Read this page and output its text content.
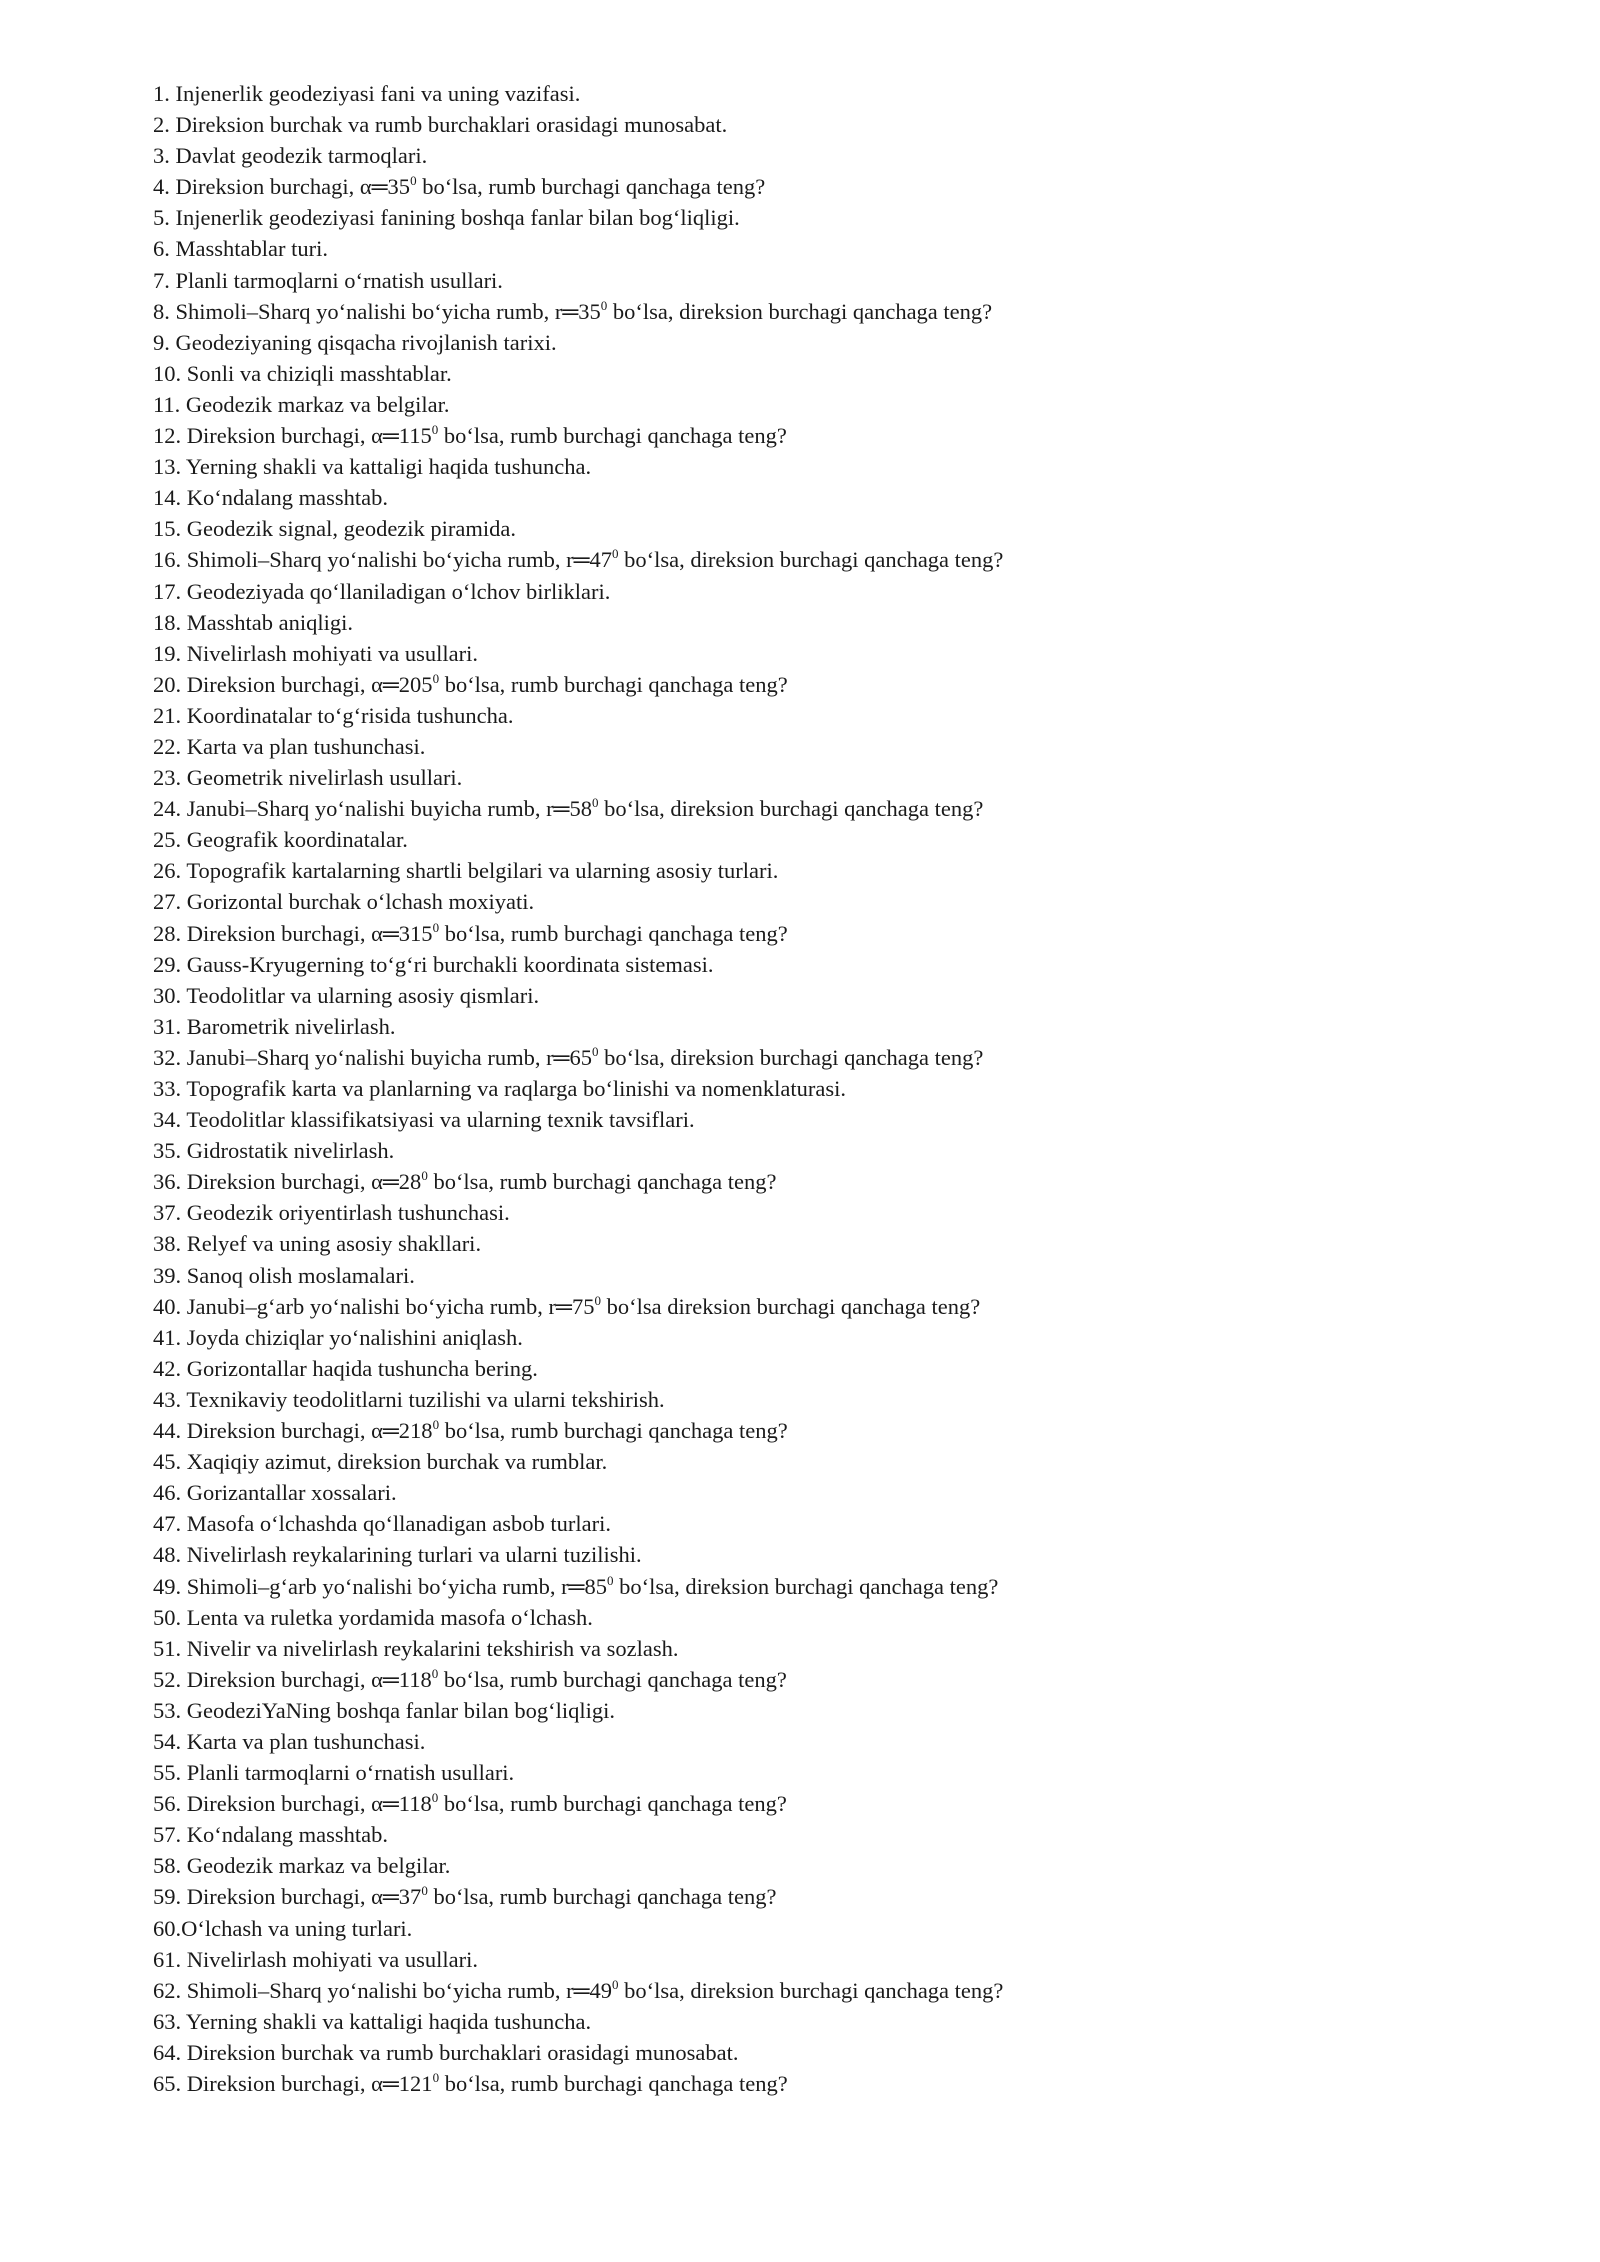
1. Injenerlik geodeziyasi fani va uning vazifasi.
2. Direksion burchak va rumb burchaklari orasidagi munosabat.
3. Davlat geodezik tarmoqlari.
4. Direksion burchagi, $\alpha═35^0$ bo‘lsa, rumb burchagi qanchaga teng?
5. Injenerlik geodeziyasi fanining boshqa fanlar bilan bog‘liqligi.
6. Masshtablar turi.
7. Planli tarmoqlarni o‘rnatish usullari.
8. Shimoli–Sharq yo‘nalishi bo‘yicha rumb, $r═35^0$ bo‘lsa, direksion burchagi qanchaga teng?
9. Geodeziyaning qisqacha rivojlanish tarixi.
10. Sonli va chiziqli masshtablar.
11. Geodezik markaz va belgilar.
12. Direksion burchagi, $\alpha═115^0$ bo‘lsa, rumb burchagi qanchaga teng?
13. Yerning shakli va kattaligi haqida tushuncha.
14. Ko‘ndalang masshtab.
15. Geodezik signal, geodezik piramida.
16. Shimoli–Sharq yo‘nalishi bo‘yicha rumb, $r═47^0$ bo‘lsa, direksion burchagi qanchaga teng?
17. Geodeziyada qo‘llaniladigan o‘lchov birliklari.
18. Masshtab aniqligi.
19. Nivelirlash mohiyati va usullari.
20. Direksion burchagi, $\alpha═205^0$ bo‘lsa, rumb burchagi qanchaga teng?
21. Koordinatalar to‘g‘risida tushuncha.
22. Karta va plan tushunchasi.
23. Geometrik nivelirlash usullari.
24. Janubi–Sharq yo‘nalishi buyicha rumb, $r═58^0$ bo‘lsa, direksion burchagi qanchaga teng?
25. Geografik koordinatalar.
26. Topografik kartalarning shartli belgilari va ularning asosiy turlari.
27. Gorizontal burchak o‘lchash moxiyati.
28. Direksion burchagi, $\alpha═315^0$ bo‘lsa, rumb burchagi qanchaga teng?
29. Gauss-Kryugerning to‘g‘ri burchakli koordinata sistemasi.
30. Teodolitlar va ularning asosiy qismlari.
31. Barometrik nivelirlash.
32. Janubi–Sharq yo‘nalishi buyicha rumb, $r═65^0$ bo‘lsa, direksion burchagi qanchaga teng?
33. Topografik karta va planlarning va raqlarga bo‘linishi va nomenklaturasi.
34. Teodolitlar klassifikatsiyasi va ularning texnik tavsiflari.
35. Gidrostatik nivelirlash.
36. Direksion burchagi, $\alpha═28^0$ bo‘lsa, rumb burchagi qanchaga teng?
37. Geodezik oriyentirlash tushunchasi.
38. Relyef va uning asosiy shakllari.
39. Sanoq olish moslamalari.
40. Janubi–g‘arb yo‘nalishi bo‘yicha rumb, $r═75^0$ bo‘lsa direksion burchagi qanchaga teng?
41. Joyda chiziqlar yo‘nalishini aniqlash.
42. Gorizontallar haqida tushuncha bering.
43. Texnikaviy teodolitlarni tuzilishi va ularni tekshirish.
44. Direksion burchagi, $\alpha═218^0$ bo‘lsa, rumb burchagi qanchaga teng?
45. Xaqiqiy azimut, direksion burchak va rumblar.
46. Gorizantallar xossalari.
47. Masofa o‘lchashda qo‘llanadigan asbob turlari.
48. Nivelirlash reykalarining turlari va ularni tuzilishi.
49. Shimoli–g‘arb yo‘nalishi bo‘yicha rumb, $r═85^0$ bo‘lsa, direksion burchagi qanchaga teng?
50. Lenta va ruletka yordamida masofa o‘lchash.
51. Nivelir va nivelirlash reykalarini tekshirish va sozlash.
52. Direksion burchagi, $\alpha═118^0$ bo‘lsa, rumb burchagi qanchaga teng?
53. GeodeziYaNing boshqa fanlar bilan bog‘liqligi.
54. Karta va plan tushunchasi.
55. Planli tarmoqlarni o‘rnatish usullari.
56. Direksion burchagi, $\alpha═118^0$ bo‘lsa, rumb burchagi qanchaga teng?
57. Ko‘ndalang masshtab.
58. Geodezik markaz va belgilar.
59. Direksion burchagi, $\alpha═37^0$ bo‘lsa, rumb burchagi qanchaga teng?
60.O‘lchash va uning turlari.
61. Nivelirlash mohiyati va usullari.
62. Shimoli–Sharq yo‘nalishi bo‘yicha rumb, $r═49^0$ bo‘lsa, direksion burchagi qanchaga teng?
63. Yerning shakli va kattaligi haqida tushuncha.
64. Direksion burchak va rumb burchaklari orasidagi munosabat.
65. Direksion burchagi, $\alpha═121^0$ bo‘lsa, rumb burchagi qanchaga teng?
